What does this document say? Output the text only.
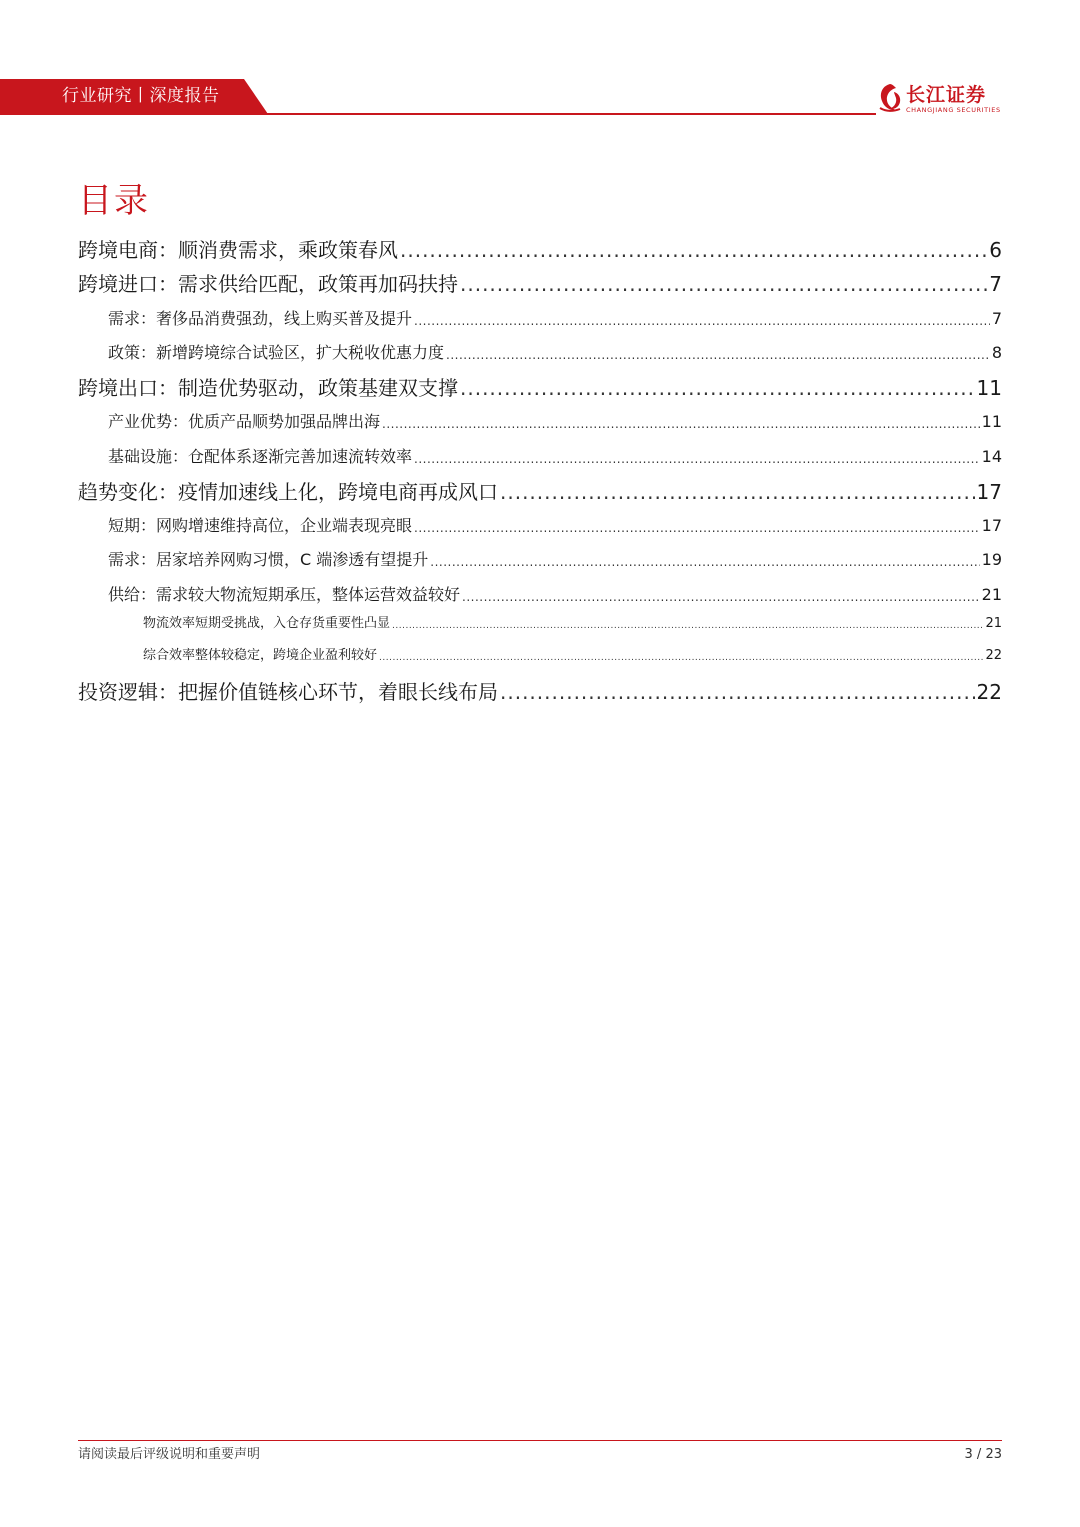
行业研究丨深度报告	长江证券
CHANGJIANG SECURITIES
目录
跨境电商：顺消费需求，乘政策春风 .....	6
跨境进口：需求供给匹配，政策再加码扶持 .....	7
需求：奢侈品消费强劲，线上购买普及提升 .....	7
政策：新增跨境综合试验区，扩大税收优惠力度 .....	8
跨境出口：制造优势驱动，政策基建双支撑 .....	11
产业优势：优质产品顺势加强品牌出海 .....	11
基础设施：仓配体系逐渐完善加速流转效率 .....	14
趋势变化：疫情加速线上化，跨境电商再成风口 .....	17
短期：网购增速维持高位，企业端表现亮眼 .....	17
需求：居家培养网购习惯，C 端渗透有望提升 .....	19
供给：需求较大物流短期承压，整体运营效益较好 .....	21
物流效率短期受挑战，入仓存货重要性凸显 .....	21
综合效率整体较稳定，跨境企业盈利较好 .....	22
投资逻辑：把握价值链核心环节，着眼长线布局 .....	22
请阅读最后评级说明和重要声明	3 / 23
